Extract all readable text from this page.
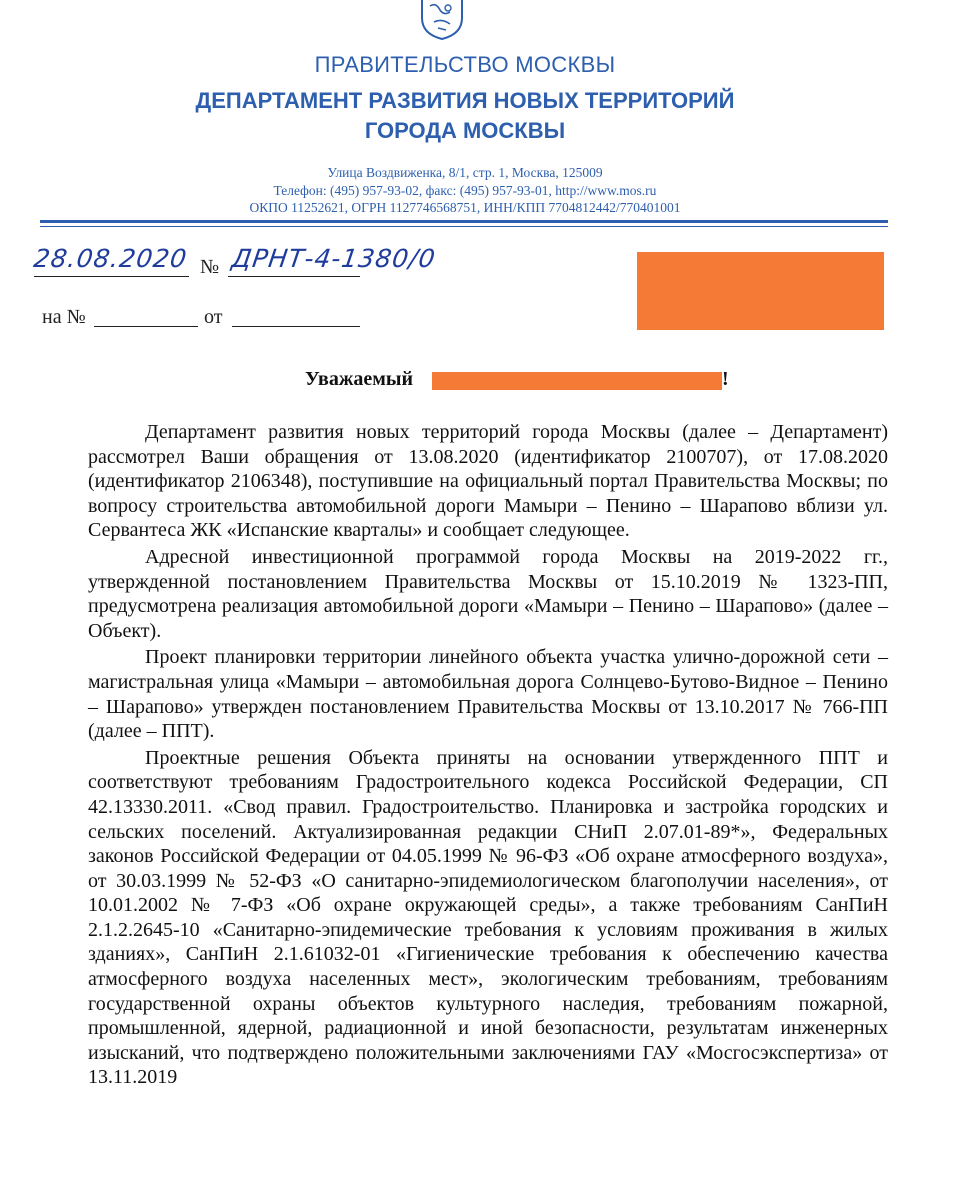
ПРАВИТЕЛЬСТВО МОСКВЫ
ДЕПАРТАМЕНТ РАЗВИТИЯ НОВЫХ ТЕРРИТОРИЙ
ГОРОДА МОСКВЫ
Улица Воздвиженка, 8/1, стр. 1, Москва, 125009
Телефон: (495) 957-93-02, факс: (495) 957-93-01, http://www.mos.ru
ОКПО 11252621, ОГРН 1127746568751, ИНН/КПП 7704812442/770401001
28.08.2020 № ДРНТ-4-1380/0
на №	от
Уважаемый	!

Департамент развития новых территорий города Москвы (далее – Департамент) рассмотрел Ваши обращения от 13.08.2020 (идентификатор 2100707), от 17.08.2020 (идентификатор 2106348), поступившие на официальный портал Правительства Москвы; по вопросу строительства автомобильной дороги Мамыри – Пенино – Шарапово вблизи ул. Сервантеса ЖК «Испанские кварталы» и сообщает следующее.

Адресной инвестиционной программой города Москвы на 2019-2022 гг., утвержденной постановлением Правительства Москвы от 15.10.2019 № 1323-ПП, предусмотрена реализация автомобильной дороги «Мамыри – Пенино – Шарапово» (далее – Объект).

Проект планировки территории линейного объекта участка улично-дорожной сети – магистральная улица «Мамыри – автомобильная дорога Солнцево-Бутово-Видное – Пенино – Шарапово» утвержден постановлением Правительства Москвы от 13.10.2017 № 766-ПП (далее – ППТ).

Проектные решения Объекта приняты на основании утвержденного ППТ и соответствуют требованиям Градостроительного кодекса Российской Федерации, СП 42.13330.2011. «Свод правил. Градостроительство. Планировка и застройка городских и сельских поселений. Актуализированная редакции СНиП 2.07.01-89*», Федеральных законов Российской Федерации от 04.05.1999 № 96-ФЗ «Об охране атмосферного воздуха», от 30.03.1999 № 52-ФЗ «О санитарно-эпидемиологическом благополучии населения», от 10.01.2002 № 7-ФЗ «Об охране окружающей среды», а также требованиям СанПиН 2.1.2.2645-10 «Санитарно-эпидемические требования к условиям проживания в жилых зданиях», СанПиН 2.1.61032-01 «Гигиенические требования к обеспечению качества атмосферного воздуха населенных мест», экологическим требованиям, требованиям государственной охраны объектов культурного наследия, требованиям пожарной, промышленной, ядерной, радиационной и иной безопасности, результатам инженерных изысканий, что подтверждено положительными заключениями ГАУ «Мосгосэкспертиза» от 13.11.2019
